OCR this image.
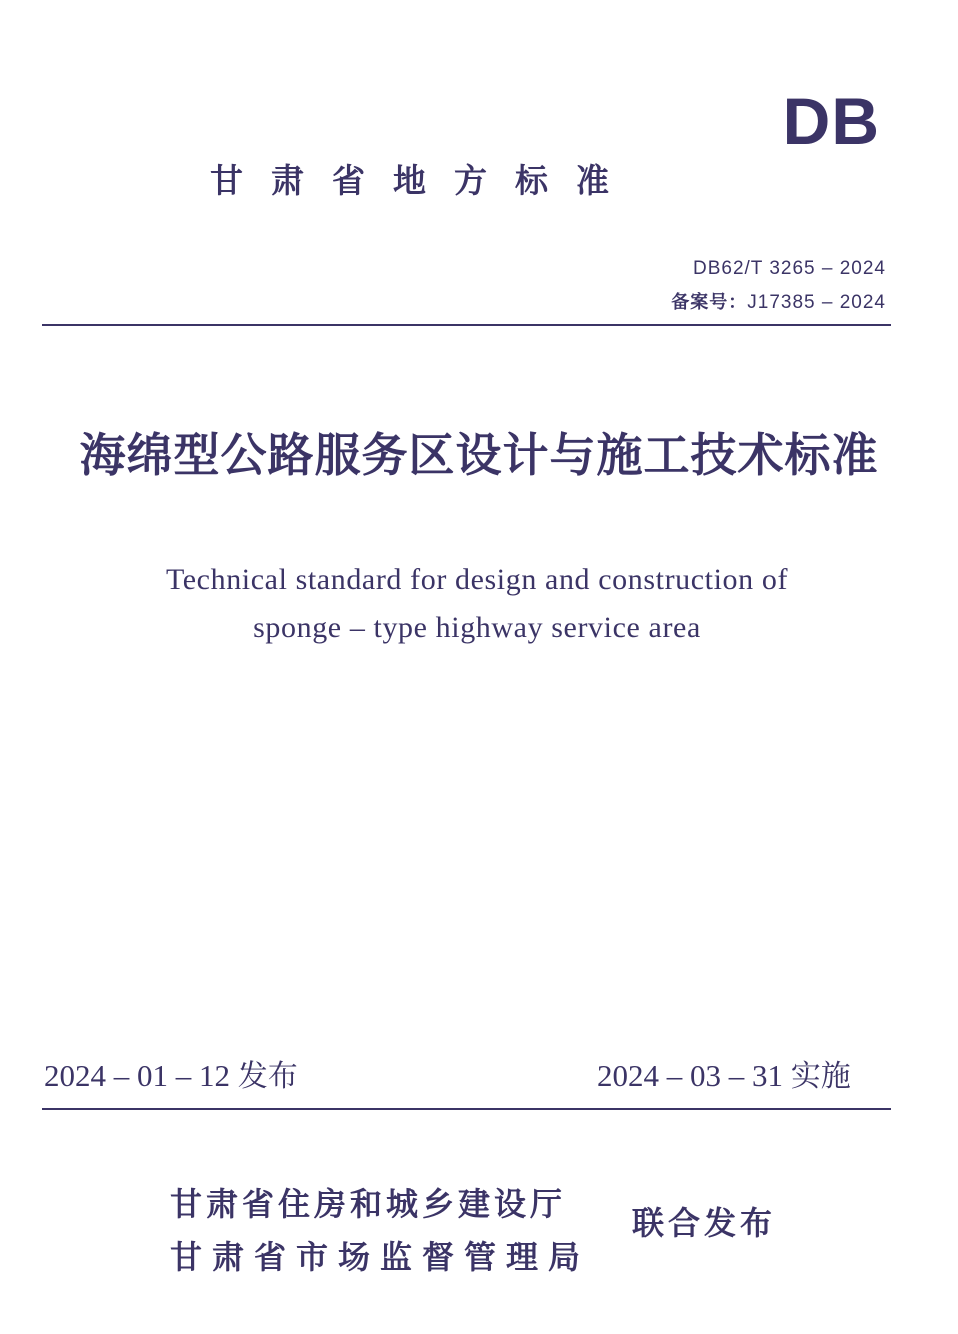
DB
甘肃省地方标准
DB62/T 3265 – 2024
备案号：J17385 – 2024
海绵型公路服务区设计与施工技术标准
Technical standard for design and construction of
sponge – type highway service area
2024 – 01 – 12 发布	2024 – 03 – 31 实施
甘肃省住房和城乡建设厅
甘肃省市场监督管理局
联合发布
